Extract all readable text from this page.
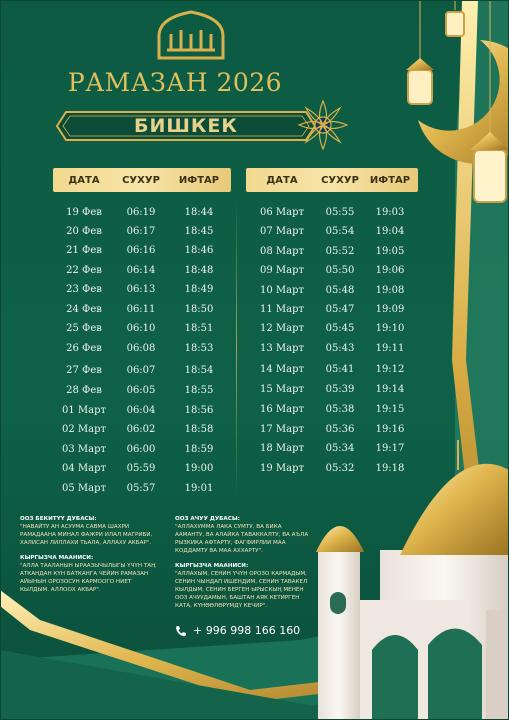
РАМАЗАН 2026
БИШКЕК
ДАТА	СУХУР	ИФТАР	ДАТА	СУХУР	ИФТАР
19 Фев	06:19	18:44
20 Фев	06:17	18:45
21 Фев	06:16	18:46
22 Фев	06:14	18:48
23 Фев	06:13	18:49
24 Фев	06:11	18:50
25 Фев	06:10	18:51
26 Фев	06:08	18:53
27 Фев	06:07	18:54
28 Фев	06:05	18:55
01 Март	06:04	18:56
02 Март	06:02	18:58
03 Март	06:00	18:59
04 Март	05:59	19:00
05 Март	05:57	19:01
06 Март	05:55	19:03
07 Март	05:54	19:04
08 Март	05:52	19:05
09 Март	05:50	19:06
10 Март	05:48	19:08
11 Март	05:47	19:09
12 Март	05:45	19:10
13 Март	05:43	19:11
14 Март	05:41	19:12
15 Март	05:39	19:14
16 Март	05:38	19:15
17 Март	05:36	19:16
18 Март	05:34	19:17
19 Март	05:32	19:18
ООЗ БЕКИТҮҮ ДУБАСЫ:
"НАВАЙТУ АН АСУУМА САВМА ШАХРИ РАМАДААНА МИНАЛ ФАЖРИ ИЛАЛ МАГРИБИ, ХАЛИСАН ЛИЛЛАХИ ТЬАЛА, АЛЛАХУ АКБАР".
КЫРГЫЗЧА МААНИСИ:
"АЛЛА ТААЛАНЫН ЫРААЗЫЧЫЛЫГЫ ҮЧҮН ТАҢ АТКАНДАН КҮН БАТКАНГА ЧЕЙИН РАМАЗАН АЙЫНЫН ОРОЗОСУН КАРМООГО НИЕТ КЫЛДЫМ. АЛЛООХ АКБАР".
ООЗ АЧУУ ДУБАСЫ:
"АЛЛАХУММА ЛАКА СУМТУ, ВА БИКА ААМАНТУ, ВА АЛАЙКА ТАВАККАЛТУ, ВА АЪЛА РЫЗКИКА АФТАРТУ, ФАГФИРЛИИ МАА КОДДАМТУ ВА МАА АХХАРТУ".
КЫРГЫЗЧА МААНИСИ:
"АЛЛАХЫМ, СЕНИН ҮЧҮН ОРОЗО КАРМАДЫМ, СЕНИН ЧЫНДАП ИШЕНДИМ, СЕНИН ТАВАКЕЛ КЫЛДЫМ, СЕНИН БЕРГЕН ЫРЫСКЫҢ МЕНЕН ООЗ АЧУУДАМЫН, БАШТАН АЯК КЕТИРГЕН КАТА, КҮНӨӨЛӨРҮМДҮ КЕЧИР".
+ 996 998 166 160
